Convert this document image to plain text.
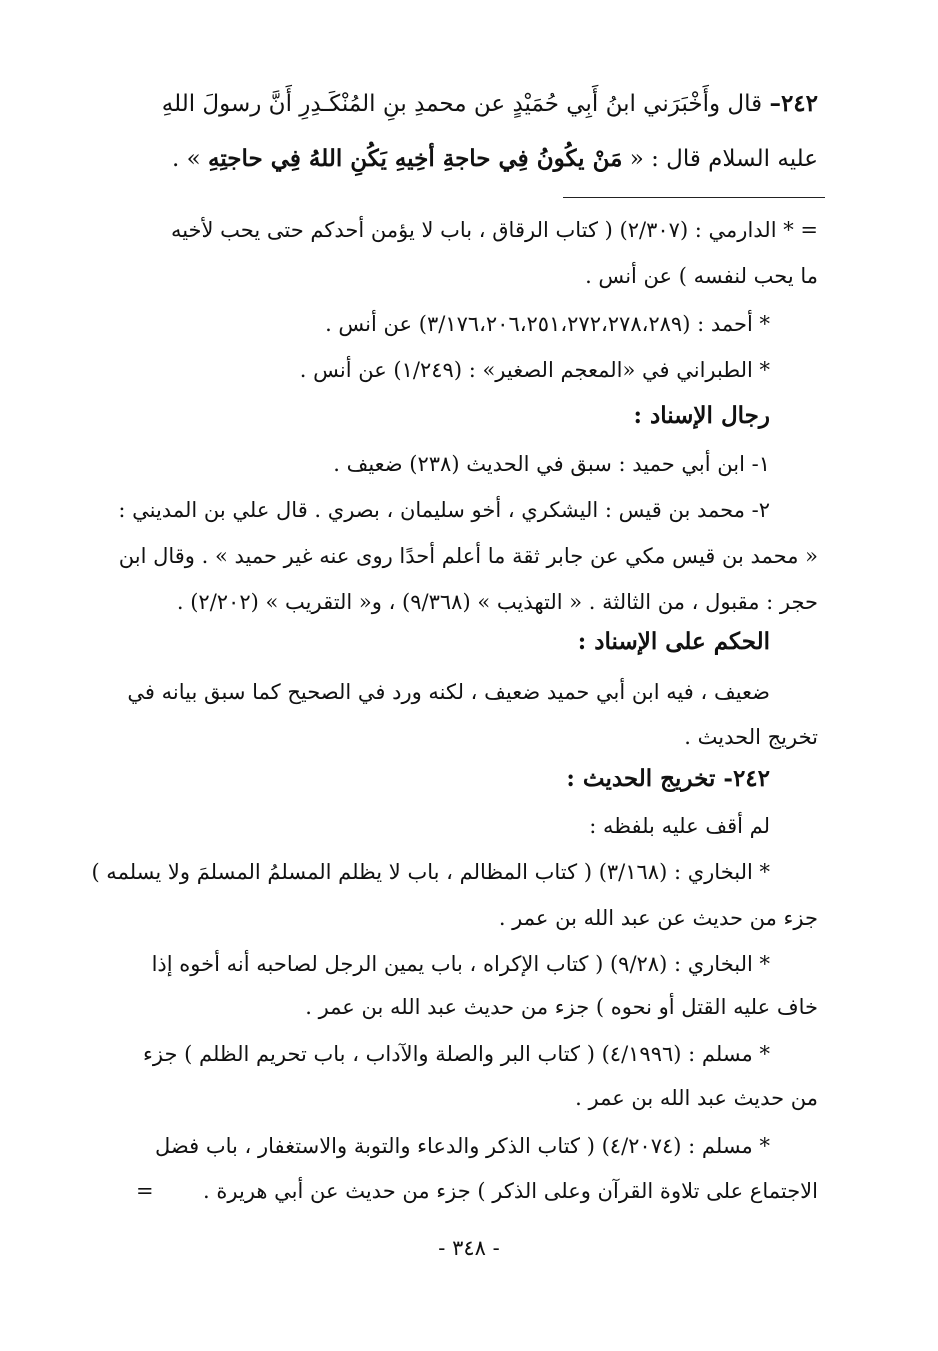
٢٤٢– قال وأَخْبَرَني ابنُ أَبِي حُمَيْدٍ عن محمدِ بنِ المُنْكَـدِرِ أَنَّ رسولَ اللهِ
عليه السلام قال : « مَنْ يكُونُ فِي حاجةِ أخِيهِ يَكُنِ اللهُ فِي حاجتِهِ » .
= * الدارمي : (٢/٣٠٧) ( كتاب الرقاق ، باب لا يؤمن أحدكم حتى يحب لأخيه
ما يحب لنفسه ) عن أنس .
* أحمد : (٣/١٧٦،٢٠٦،٢٥١،٢٧٢،٢٧٨،٢٨٩) عن أنس .
* الطبراني في «المعجم الصغير» : (١/٢٤٩) عن أنس .
رجال الإسناد :
١- ابن أبي حميد : سبق في الحديث (٢٣٨) ضعيف .
٢- محمد بن قيس : اليشكري ، أخو سليمان ، بصري . قال علي بن المديني :
« محمد بن قيس مكي عن جابر ثقة ما أعلم أحدًا روى عنه غير حميد » . وقال ابن
حجر : مقبول ، من الثالثة . « التهذيب » (٩/٣٦٨) ، و« التقريب » (٢/٢٠٢) .
الحكم على الإسناد :
ضعيف ، فيه ابن أبي حميد ضعيف ، لكنه ورد في الصحيح كما سبق بيانه في
تخريج الحديث .
٢٤٢- تخريج الحديث :
لم أقف عليه بلفظه :
* البخاري : (٣/١٦٨) ( كتاب المظالم ، باب لا يظلم المسلمُ المسلمَ ولا يسلمه )
جزء من حديث عن عبد الله بن عمر .
* البخاري : (٩/٢٨) ( كتاب الإكراه ، باب يمين الرجل لصاحبه أنه أخوه إذا
خاف عليه القتل أو نحوه ) جزء من حديث عبد الله بن عمر .
* مسلم : (٤/١٩٩٦) ( كتاب البر والصلة والآداب ، باب تحريم الظلم ) جزء
من حديث عبد الله بن عمر .
* مسلم : (٤/٢٠٧٤) ( كتاب الذكر والدعاء والتوبة والاستغفار ، باب فضل
الاجتماع على تلاوة القرآن وعلى الذكر ) جزء من حديث عن أبي هريرة .
=
- ٣٤٨ -
